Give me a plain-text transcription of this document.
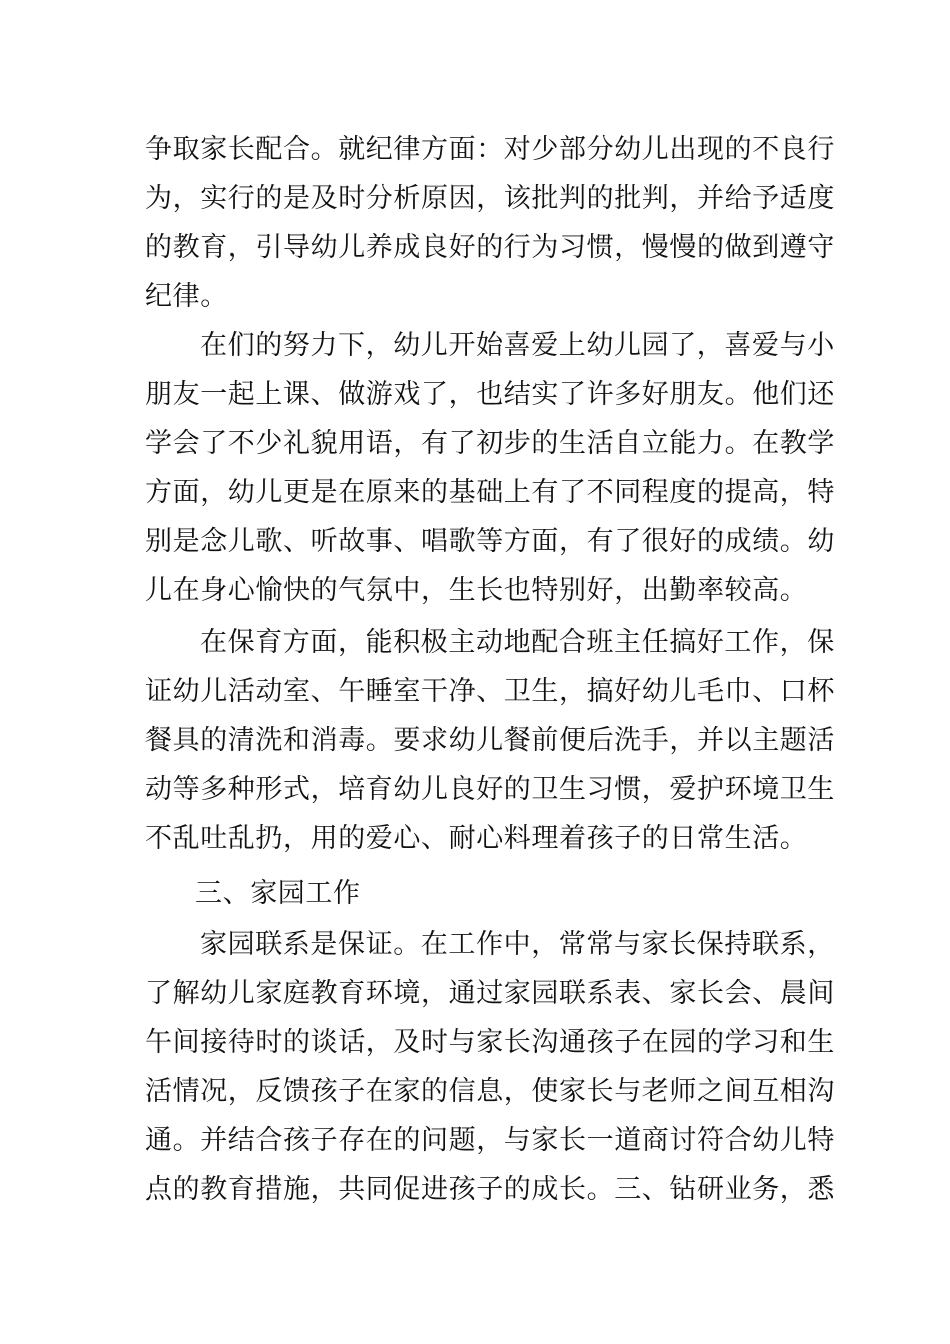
争取家长配合。就纪律方面：对少部分幼儿出现的不良行
为，实行的是及时分析原因，该批判的批判，并给予适度
的教育，引导幼儿养成良好的行为习惯，慢慢的做到遵守
纪律。
在们的努力下，幼儿开始喜爱上幼儿园了，喜爱与小
朋友一起上课、做游戏了，也结实了许多好朋友。他们还
学会了不少礼貌用语，有了初步的生活自立能力。在教学
方面，幼儿更是在原来的基础上有了不同程度的提高，特
别是念儿歌、听故事、唱歌等方面，有了很好的成绩。幼
儿在身心愉快的气氛中，生长也特别好，出勤率较高。
在保育方面，能积极主动地配合班主任搞好工作，保
证幼儿活动室、午睡室干净、卫生，搞好幼儿毛巾、口杯
餐具的清洗和消毒。要求幼儿餐前便后洗手，并以主题活
动等多种形式，培育幼儿良好的卫生习惯，爱护环境卫生
不乱吐乱扔，用的爱心、耐心料理着孩子的日常生活。
三、家园工作
家园联系是保证。在工作中，常常与家长保持联系，
了解幼儿家庭教育环境，通过家园联系表、家长会、晨间
午间接待时的谈话，及时与家长沟通孩子在园的学习和生
活情况，反馈孩子在家的信息，使家长与老师之间互相沟
通。并结合孩子存在的问题，与家长一道商讨符合幼儿特
点的教育措施，共同促进孩子的成长。三、钻研业务，悉
